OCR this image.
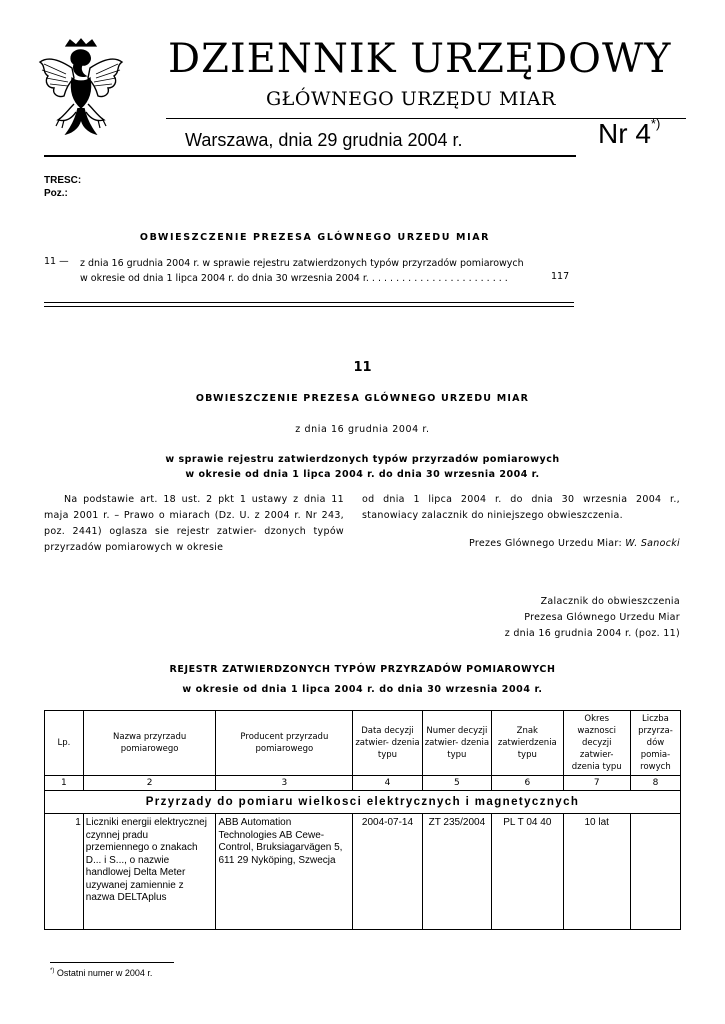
DZIENNIK URZĘDOWY
GŁÓWNEGO URZĘDU MIAR
Warszawa, dnia 29 grudnia 2004 r.	Nr 4*)
TRESC:
Poz.:
OBWIESZCZENIE PREZESA GLÓWNEGO URZEDU MIAR
11 — z dnia 16 grudnia 2004 r. w sprawie rejestru zatwierdzonych typów przyrzadów pomiarowych
w okresie od dnia 1 lipca 2004 r. do dnia 30 wrzesnia 2004 r. . . . . . . . . . . . . . . . . . . . . . . .	117
11
OBWIESZCZENIE PREZESA GLÓWNEGO URZEDU MIAR
z dnia 16 grudnia 2004 r.
w sprawie rejestru zatwierdzonych typów przyrzadów pomiarowych
w okresie od dnia 1 lipca 2004 r. do dnia 30 wrzesnia 2004 r.
Na podstawie art. 18 ust. 2 pkt 1 ustawy z dnia 11 maja 2001 r. – Prawo o miarach (Dz. U. z 2004 r. Nr 243, poz. 2441) oglasza sie rejestr zatwier- dzonych typów przyrzadów pomiarowych w okresie
od dnia 1 lipca 2004 r. do dnia 30 wrzesnia 2004 r., stanowiacy zalacznik do niniejszego obwieszczenia.
Prezes Glównego Urzedu Miar: W. Sanocki
Zalacznik do obwieszczenia
Prezesa Glównego Urzedu Miar
z dnia 16 grudnia 2004 r. (poz. 11)
REJESTR ZATWIERDZONYCH TYPÓW PRZYRZADÓW POMIAROWYCH
w okresie od dnia 1 lipca 2004 r. do dnia 30 wrzesnia 2004 r.
Lp.	Nazwa przyrzadu pomiarowego	Producent przyrzadu pomiarowego	Data decyzji zatwier- dzenia typu	Numer decyzji zatwier- dzenia typu	Znak zatwierdzenia typu	Okres waznosci decyzji zatwier- dzenia typu	Liczba przyrza- dów pomia- rowych
1	2	3	4	5	6	7	8
Przyrzady do pomiaru wielkosci elektrycznych i magnetycznych							
1	Liczniki energii elektrycznej czynnej pradu przemiennego o znakach D... i S..., o nazwie handlowej Delta Meter uzywanej zamiennie z nazwa DELTAplus	ABB Automation Technologies AB Cewe-Control, Bruksiagarvägen 5, 611 29 Nyköping, Szwecja	2004-07-14	ZT 235/2004	PL T 04 40	10 lat	
*) Ostatni numer w 2004 r.
